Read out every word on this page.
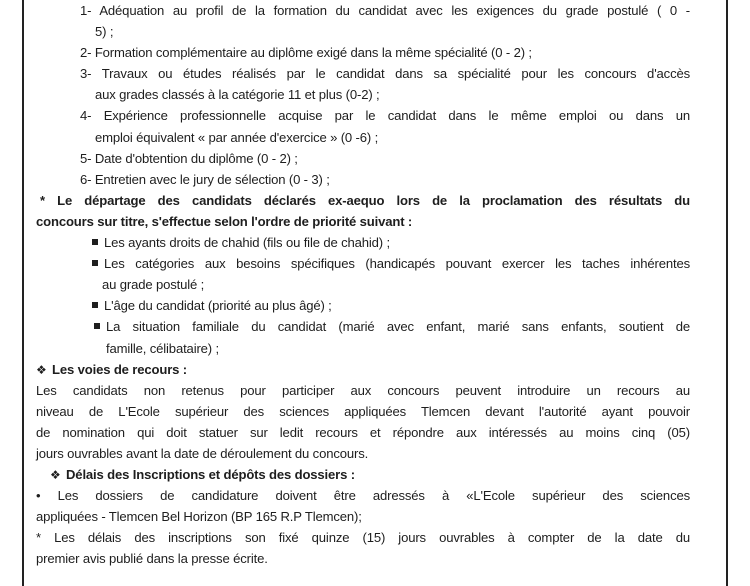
1- Adéquation au profil de la formation du candidat avec les exigences du grade postulé ( 0 -
5) ;
2- Formation complémentaire au diplôme exigé dans la même spécialité (0 - 2) ;
3- Travaux ou études réalisés par le candidat dans sa spécialité pour les concours d'accès
aux grades classés à la catégorie 11 et plus (0-2) ;
4- Expérience professionnelle acquise par le candidat dans le même emploi ou dans un
emploi équivalent « par année d'exercice » (0 -6) ;
5- Date d'obtention du diplôme (0 - 2) ;
6- Entretien avec le jury de sélection (0 - 3) ;
* Le départage des candidats déclarés ex-aequo lors de la proclamation des résultats du
concours sur titre, s'effectue selon l'ordre de priorité suivant :
Les ayants droits de chahid (fils ou file de chahid) ;
Les catégories aux besoins spécifiques (handicapés pouvant exercer les taches inhérentes
au grade postulé ;
L'âge du candidat (priorité au plus âgé) ;
La situation familiale du candidat (marié avec enfant, marié sans enfants, soutient de
famille, célibataire) ;
❖ Les voies de recours :
Les candidats non retenus pour participer aux concours peuvent introduire un recours au
niveau de L'Ecole supérieur des sciences appliquées Tlemcen devant l'autorité ayant pouvoir
de nomination qui doit statuer sur ledit recours et répondre aux intéressés au moins cinq (05)
jours ouvrables avant la date de déroulement du concours.
❖ Délais des Inscriptions et dépôts des dossiers :
• Les dossiers de candidature doivent être adressés à «L'Ecole supérieur des sciences
appliquées - Tlemcen Bel Horizon (BP 165 R.P Tlemcen);
* Les délais des inscriptions son fixé quinze (15) jours ouvrables à compter de la date du
premier avis publié dans la presse écrite.
